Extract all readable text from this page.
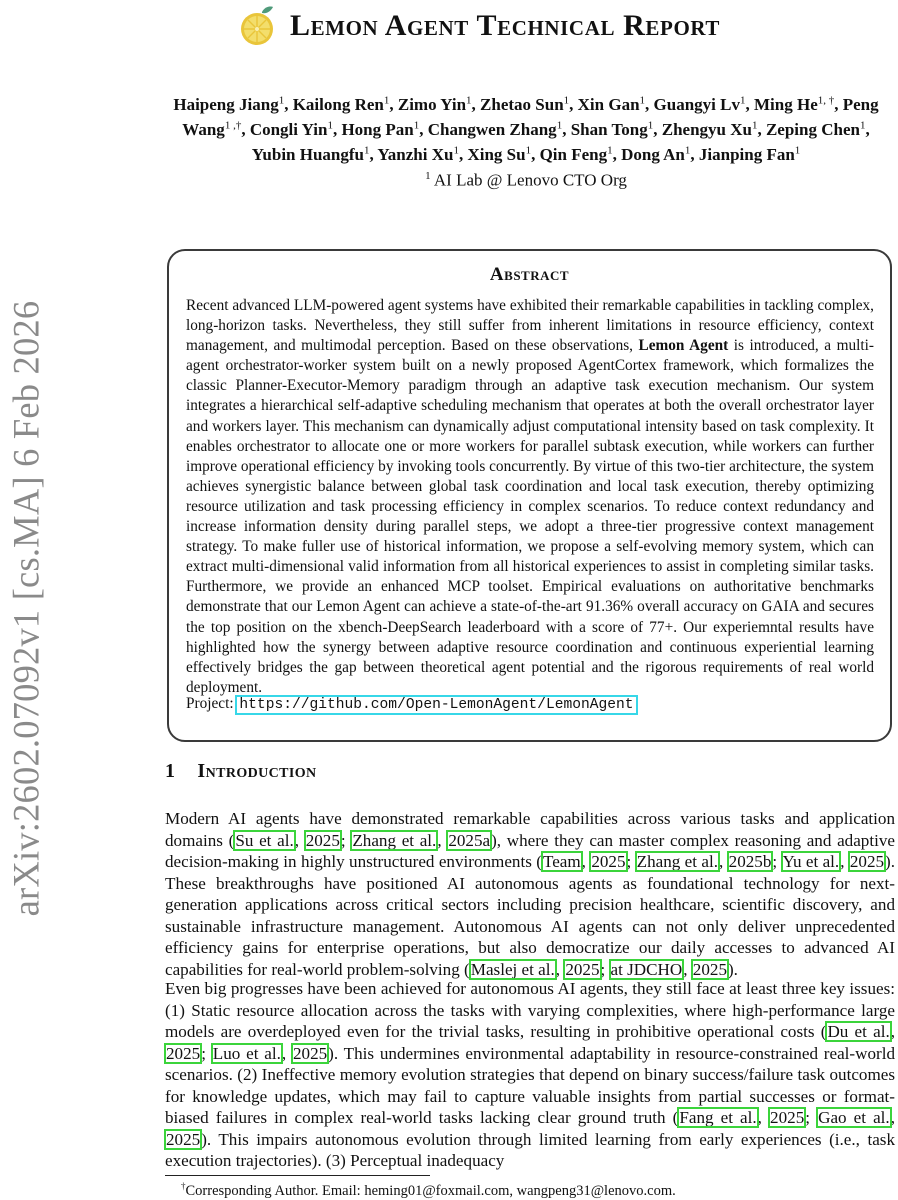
arXiv:2602.07092v1 [cs.MA] 6 Feb 2026
Lemon Agent Technical Report
Haipeng Jiang$^1$, Kailong Ren$^1$, Zimo Yin$^1$, Zhetao Sun$^1$, Xin Gan$^1$, Guangyi Lv$^1$, Ming $He^{1, \dagger}$, Peng Wang$^{1 ,\dagger}$, Congli Yin$^1$, Hong Pan$^1$, Changwen Zhang$^1$, Shan Tong$^1$, Zhengyu Xu$^1$, Zeping Chen$^1$, Yubin Huangfu$^1$, Yanzhi Xu$^1$, Xing Su$^1$, Qin Feng$^1$, Dong An$^1$, Jianping Fan$^1$
$^1$ AI Lab @ Lenovo CTO Org
Abstract
Recent advanced LLM-powered agent systems have exhibited their remarkable capabilities in tackling complex, long-horizon tasks. Nevertheless, they still suffer from inherent limitations in resource efficiency, context management, and multimodal perception. Based on these observations, Lemon Agent is introduced, a multi-agent orchestrator-worker system built on a newly proposed AgentCortex framework, which formalizes the classic Planner-Executor-Memory paradigm through an adaptive task execution mechanism. Our system integrates a hierarchical self-adaptive scheduling mechanism that operates at both the overall orchestrator layer and workers layer. This mechanism can dynamically adjust computational intensity based on task complexity. It enables orchestrator to allocate one or more workers for parallel subtask execution, while workers can further improve operational efficiency by invoking tools concurrently. By virtue of this two-tier architecture, the system achieves synergistic balance between global task coordination and local task execution, thereby optimizing resource utilization and task processing efficiency in complex scenarios. To reduce context redundancy and increase information density during parallel steps, we adopt a three-tier progressive context management strategy. To make fuller use of historical information, we propose a self-evolving memory system, which can extract multi-dimensional valid information from all historical experiences to assist in completing similar tasks. Furthermore, we provide an enhanced MCP toolset. Empirical evaluations on authoritative benchmarks demonstrate that our Lemon Agent can achieve a state-of-the-art 91.36% overall accuracy on GAIA and secures the top position on the xbench-DeepSearch leaderboard with a score of 77+. Our experiemntal results have highlighted how the synergy between adaptive resource coordination and continuous experiential learning effectively bridges the gap between theoretical agent potential and the rigorous requirements of real world deployment.
Project: https://github.com/Open-LemonAgent/LemonAgent
1 Introduction
Modern AI agents have demonstrated remarkable capabilities across various tasks and application domains (Su et al., 2025; Zhang et al., 2025a), where they can master complex reasoning and adaptive decision-making in highly unstructured environments (Team, 2025; Zhang et al., 2025b; Yu et al., 2025). These breakthroughs have positioned AI autonomous agents as foundational technology for next-generation applications across critical sectors including precision healthcare, scientific discovery, and sustainable infrastructure management. Autonomous AI agents can not only deliver unprecedented efficiency gains for enterprise operations, but also democratize our daily accesses to advanced AI capabilities for real-world problem-solving (Maslej et al., 2025; at JDCHO, 2025).
Even big progresses have been achieved for autonomous AI agents, they still face at least three key issues: (1) Static resource allocation across the tasks with varying complexities, where high-performance large models are overdeployed even for the trivial tasks, resulting in prohibitive operational costs (Du et al., 2025; Luo et al., 2025). This undermines environmental adaptability in resource-constrained real-world scenarios. (2) Ineffective memory evolution strategies that depend on binary success/failure task outcomes for knowledge updates, which may fail to capture valuable insights from partial successes or format-biased failures in complex real-world tasks lacking clear ground truth (Fang et al., 2025; Gao et al., 2025). This impairs autonomous evolution through limited learning from early experiences (i.e., task execution trajectories). (3) Perceptual inadequacy
†Corresponding Author. Email: heming01@foxmail.com, wangpeng31@lenovo.com.
